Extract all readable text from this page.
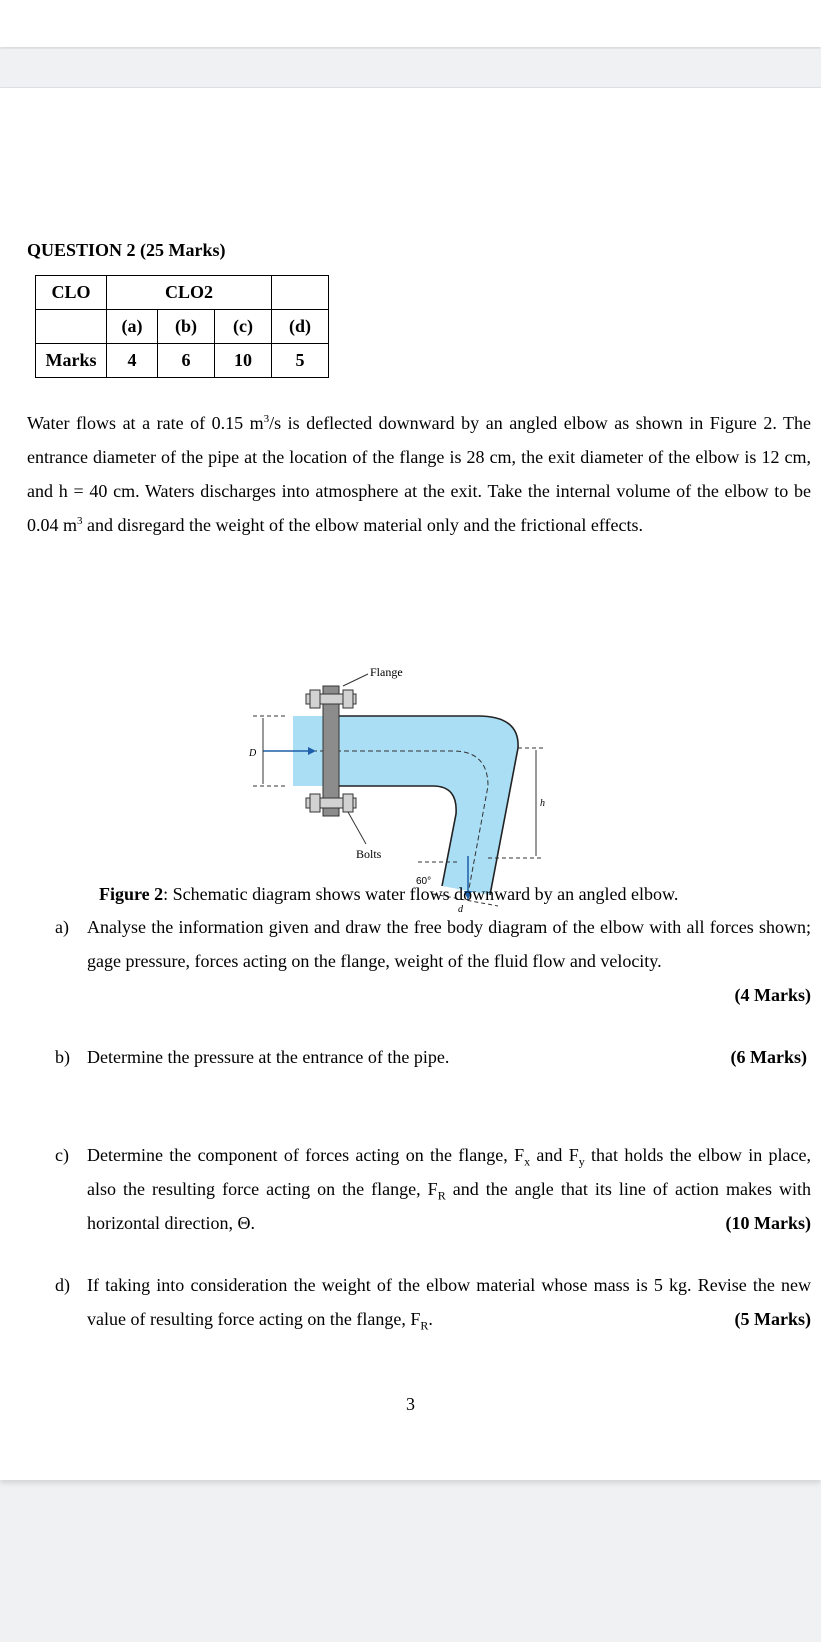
QUESTION 2 (25 Marks)
CLO	CLO2			
	(a)	(b)	(c)	(d)
Marks	4	6	10	5

Water flows at a rate of 0.15 $m^3/s$ is deflected downward by an angled elbow as shown in Figure 2. The entrance diameter of the pipe at the location of the flange is 28 cm, the exit diameter of the elbow is 12 cm, and h = 40 cm. Waters discharges into atmosphere at the exit. Take the internal volume of the elbow to be 0.04 $m^3$ and disregard the weight of the elbow material only and the frictional effects.

D
h
d
60°
Flange
Bolts
Figure 2: Schematic diagram shows water flows downward by an angled elbow.
a) Analyse the information given and draw the free body diagram of the elbow with all forces shown; gage pressure, forces acting on the flange, weight of the fluid flow and velocity.
(4 Marks)
b) Determine the pressure at the entrance of the pipe.	(6 Marks)
c) Determine the component of forces acting on the flange, $F_x$ and $F_y$ that holds the elbow in place, also the resulting force acting on the flange, $F_R$ and the angle that its line of action makes with horizontal direction, Θ.	(10 Marks)
d) If taking into consideration the weight of the elbow material whose mass is 5 kg. Revise the new value of resulting force acting on the flange, $F_R$.	(5 Marks)
3
